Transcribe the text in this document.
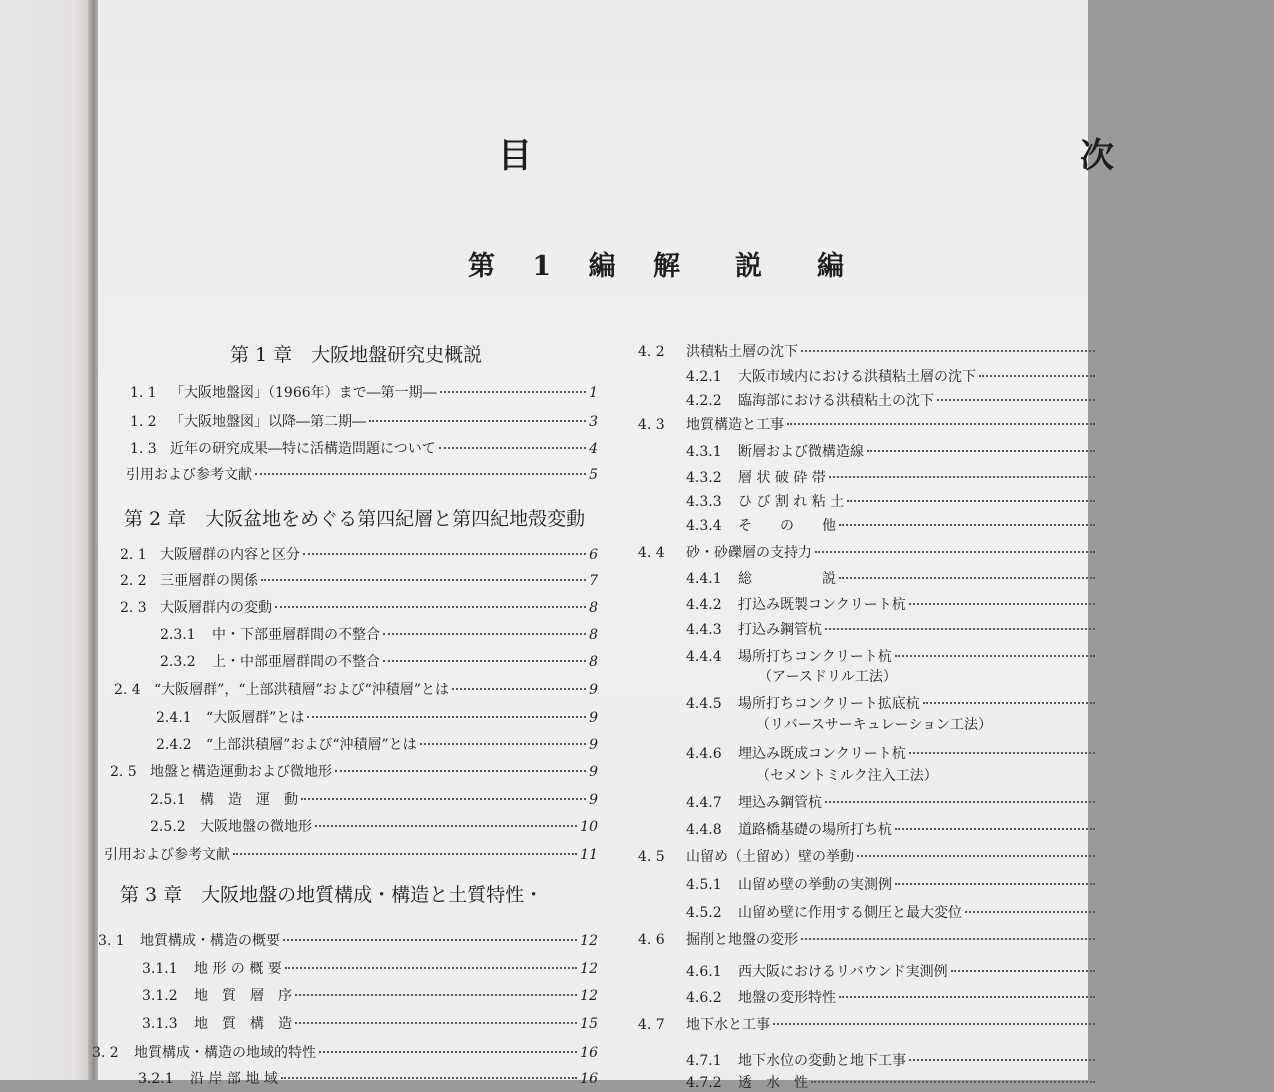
目　　次
第 1 編 解　説　編
第 1 章　大阪地盤研究史概説
1. 1 「大阪地盤図」（1966年）まで―第一期―	1
1. 2 「大阪地盤図」以降―第二期―	3
1. 3 近年の研究成果―特に活構造問題について	4
引用および参考文献	5
第 2 章　大阪盆地をめぐる第四紀層と第四紀地殻変動
2. 1 大阪層群の内容と区分	6
2. 2 三亜層群の関係	7
2. 3 大阪層群内の変動	8
2.3.1	中・下部亜層群間の不整合	8
2.3.2	上・中部亜層群間の不整合	8
2. 4 “大阪層群”，“上部洪積層”および“沖積層”とは	9
2.4.1	“大阪層群”とは	9
2.4.2	“上部洪積層”および“沖積層”とは	9
2. 5 地盤と構造運動および微地形	9
2.5.1	構　造　運　動	9
2.5.2	大阪地盤の微地形	10
引用および参考文献	11
第 3 章　大阪地盤の地質構成・構造と土質特性・
3. 1	地質構成・構造の概要	12
3.1.1	地 形 の 概 要	12
3.1.2	地　質　層　序	12
3.1.3	地　質　構　造	15
3. 2	地質構成・構造の地域的特性	16
3.2.1	沿 岸 部 地 域	16
4. 2	洪積粘土層の沈下
4.2.1	大阪市域内における洪積粘土層の沈下
4.2.2	臨海部における洪積粘土の沈下
4. 3	地質構造と工事
4.3.1	断層および微構造線
4.3.2	層 状 破 砕 帯
4.3.3	ひ び 割 れ 粘 土
4.3.4	そ　　の　　他
4. 4	砂・砂礫層の支持力
4.4.1	総　　　　　説
4.4.2	打込み既製コンクリート杭
4.4.3	打込み鋼管杭
4.4.4	場所打ちコンクリート杭
（アースドリル工法）
4.4.5	場所打ちコンクリート拡底杭
（リバースサーキュレーション工法）
4.4.6	埋込み既成コンクリート杭
（セメントミルク注入工法）
4.4.7	埋込み鋼管杭
4.4.8	道路橋基礎の場所打ち杭
4. 5	山留め（土留め）壁の挙動
4.5.1	山留め壁の挙動の実測例
4.5.2	山留め壁に作用する側圧と最大変位
4. 6	掘削と地盤の変形
4.6.1	西大阪におけるリバウンド実測例
4.6.2	地盤の変形特性
4. 7	地下水と工事
4.7.1	地下水位の変動と地下工事
4.7.2	透　水　性
